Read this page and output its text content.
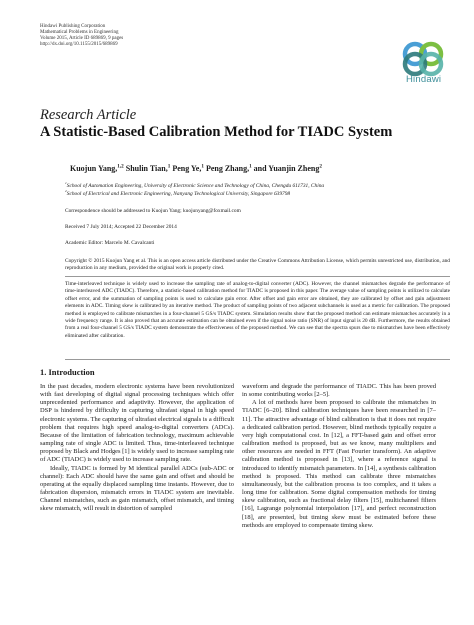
Hindawi Publishing Corporation
Mathematical Problems in Engineering
Volume 2015, Article ID 689869, 9 pages
http://dx.doi.org/10.1155/2015/689869
Hindawi
Research Article
A Statistic-Based Calibration Method for TIADC System
Kuojun Yang,$^{1,2}$ Shulin Tian,$^1$ Peng Ye,$^1$ Peng Zhang,$^1$ and Yuanjin Zheng$^2$
$^1$School of Automation Engineering, University of Electronic Science and Technology of China, Chengdu 611731, China
$^2$School of Electrical and Electronic Engineering, Nanyang Technological University, Singapore 639798
Correspondence should be addressed to Kuojun Yang; kuojunyang@foxmail.com
Received 7 July 2014; Accepted 22 December 2014
Academic Editor: Marcelo M. Cavalcanti
Copyright © 2015 Kuojun Yang et al. This is an open access article distributed under the Creative Commons Attribution License, which permits unrestricted use, distribution, and reproduction in any medium, provided the original work is properly cited.
Time-interleaved technique is widely used to increase the sampling rate of analog-to-digital converter (ADC). However, the channel mismatches degrade the performance of time-interleaved ADC (TIADC). Therefore, a statistic-based calibration method for TIADC is proposed in this paper. The average value of sampling points is utilized to calculate offset error, and the summation of sampling points is used to calculate gain error. After offset and gain error are obtained, they are calibrated by offset and gain adjustment elements in ADC. Timing skew is calibrated by an iterative method. The product of sampling points of two adjacent subchannels is used as a metric for calibration. The proposed method is employed to calibrate mismatches in a four-channel 5 GS/s TIADC system. Simulation results show that the proposed method can estimate mismatches accurately in a wide frequency range. It is also proved that an accurate estimation can be obtained even if the signal noise ratio (SNR) of input signal is 20 dB. Furthermore, the results obtained from a real four-channel 5 GS/s TIADC system demonstrate the effectiveness of the proposed method. We can see that the spectra spurs due to mismatches have been effectively eliminated after calibration.
1. Introduction

In the past decades, modern electronic systems have been revolutionized with fast developing of digital signal processing techniques which offer unprecedented performance and adaptivity. However, the application of DSP is hindered by difficulty in capturing ultrafast signal in high speed electronic systems. The capturing of ultrafast electrical signals is a difficult problem that requires high speed analog-to-digital converters (ADCs). Because of the limitation of fabrication technology, maximum achievable sampling rate of single ADC is limited. Thus, time-interleaved technique proposed by Black and Hodges [1] is widely used to increase sampling rate of ADC (TIADC) is widely used to increase sampling rate.

Ideally, TIADC is formed by M identical parallel ADCs (sub-ADC or channel): Each ADC should have the same gain and offset and should be operating at the equally displaced sampling time instants. However, due to fabrication dispersion, mismatch errors in TIADC system are inevitable. Channel mismatches, such as gain mismatch, offset mismatch, and timing skew mismatch, will result in distortion of sampled

waveform and degrade the performance of TIADC. This has been proved in some contributing works [2–5].

A lot of methods have been proposed to calibrate the mismatches in TIADC [6–20]. Blind calibration techniques have been researched in [7–11]. The attractive advantage of blind calibration is that it does not require a dedicated calibration period. However, blind methods typically require a very high computational cost. In [12], a FFT-based gain and offset error calibration method is proposed, but as we know, many multipliers and other resources are needed in FFT (Fast Fourier transform). An adaptive calibration method is proposed in [13], where a reference signal is introduced to identify mismatch parameters. In [14], a synthesis calibration method is proposed. This method can calibrate three mismatches simultaneously, but the calibration process is too complex, and it takes a long time for calibration. Some digital compensation methods for timing skew calibration, such as fractional delay filters [15], multichannel filters [16], Lagrange polynomial interpolation [17], and perfect reconstruction [18], are presented, but timing skew must be estimated before these methods are employed to compensate timing skew.
